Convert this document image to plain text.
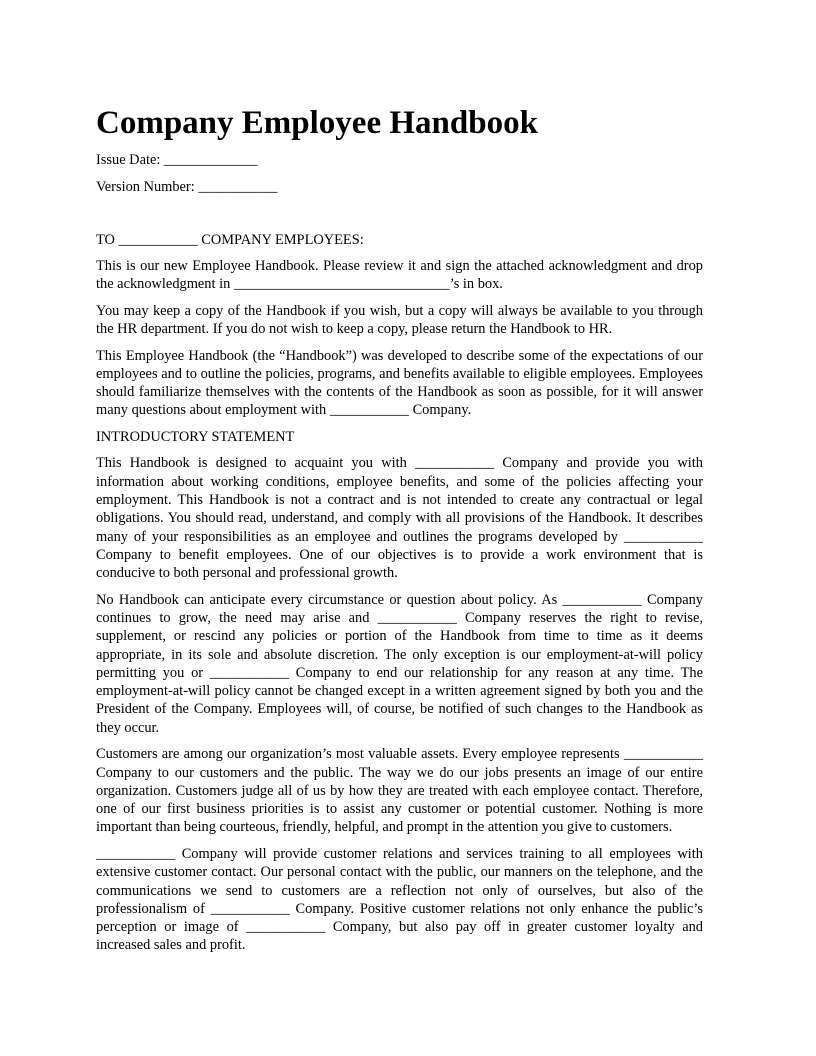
Company Employee Handbook
Issue Date: _____________
Version Number: ___________
TO ___________ COMPANY EMPLOYEES:

This is our new Employee Handbook. Please review it and sign the attached acknowledgment and drop the acknowledgment in ______________________________’s in box.

You may keep a copy of the Handbook if you wish, but a copy will always be available to you through the HR department. If you do not wish to keep a copy, please return the Handbook to HR.

This Employee Handbook (the “Handbook”) was developed to describe some of the expectations of our employees and to outline the policies, programs, and benefits available to eligible employees. Employees should familiarize themselves with the contents of the Handbook as soon as possible, for it will answer many questions about employment with ___________ Company.

INTRODUCTORY STATEMENT

This Handbook is designed to acquaint you with ___________ Company and provide you with information about working conditions, employee benefits, and some of the policies affecting your employment. This Handbook is not a contract and is not intended to create any contractual or legal obligations. You should read, understand, and comply with all provisions of the Handbook. It describes many of your responsibilities as an employee and outlines the programs developed by ___________ Company to benefit employees. One of our objectives is to provide a work environment that is conducive to both personal and professional growth.

No Handbook can anticipate every circumstance or question about policy. As ___________ Company continues to grow, the need may arise and ___________ Company reserves the right to revise, supplement, or rescind any policies or portion of the Handbook from time to time as it deems appropriate, in its sole and absolute discretion. The only exception is our employment-at-will policy permitting you or ___________ Company to end our relationship for any reason at any time. The employment-at-will policy cannot be changed except in a written agreement signed by both you and the President of the Company. Employees will, of course, be notified of such changes to the Handbook as they occur.

Customers are among our organization’s most valuable assets. Every employee represents ___________ Company to our customers and the public. The way we do our jobs presents an image of our entire organization. Customers judge all of us by how they are treated with each employee contact. Therefore, one of our first business priorities is to assist any customer or potential customer. Nothing is more important than being courteous, friendly, helpful, and prompt in the attention you give to customers.

___________ Company will provide customer relations and services training to all employees with extensive customer contact. Our personal contact with the public, our manners on the telephone, and the communications we send to customers are a reflection not only of ourselves, but also of the professionalism of ___________ Company. Positive customer relations not only enhance the public’s perception or image of ___________ Company, but also pay off in greater customer loyalty and increased sales and profit.
